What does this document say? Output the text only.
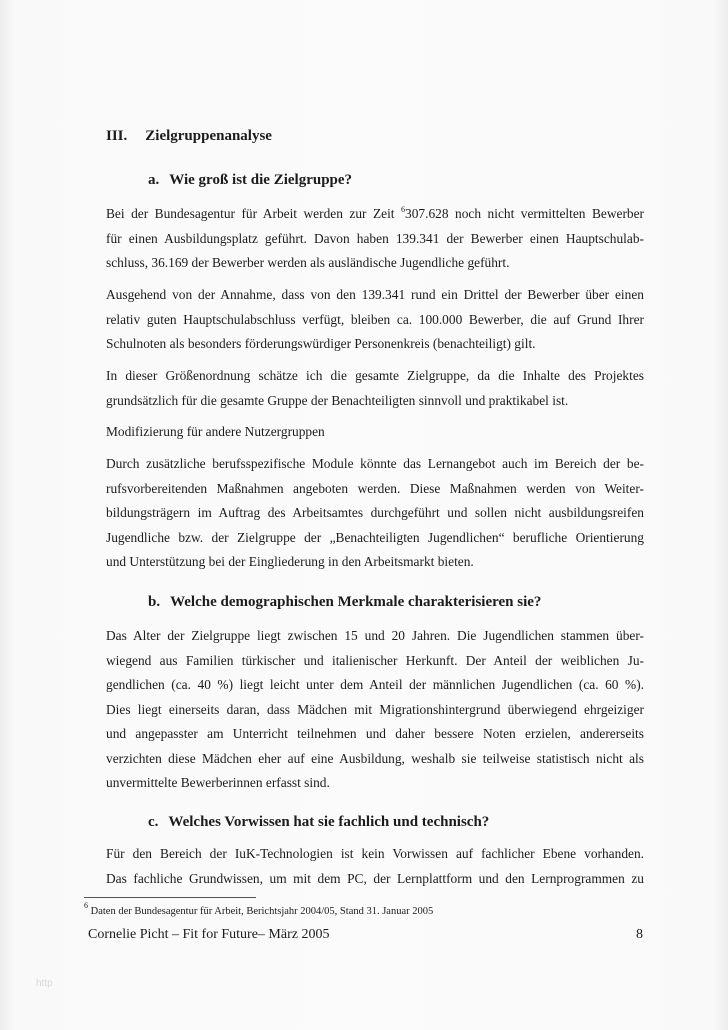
III. Zielgruppenanalyse
a. Wie groß ist die Zielgruppe?
Bei der Bundesagentur für Arbeit werden zur Zeit $^6$307.628 noch nicht vermittelten Bewerber
für einen Ausbildungsplatz geführt. Davon haben 139.341 der Bewerber einen Hauptschulab-
schluss, 36.169 der Bewerber werden als ausländische Jugendliche geführt.
Ausgehend von der Annahme, dass von den 139.341 rund ein Drittel der Bewerber über einen
relativ guten Hauptschulabschluss verfügt, bleiben ca. 100.000 Bewerber, die auf Grund Ihrer
Schulnoten als besonders förderungswürdiger Personenkreis (benachteiligt) gilt.
In dieser Größenordnung schätze ich die gesamte Zielgruppe, da die Inhalte des Projektes
grundsätzlich für die gesamte Gruppe der Benachteiligten sinnvoll und praktikabel ist.
Modifizierung für andere Nutzergruppen
Durch zusätzliche berufsspezifische Module könnte das Lernangebot auch im Bereich der be-
rufsvorbereitenden Maßnahmen angeboten werden. Diese Maßnahmen werden von Weiter-
bildungsträgern im Auftrag des Arbeitsamtes durchgeführt und sollen nicht ausbildungsreifen
Jugendliche bzw. der Zielgruppe der „Benachteiligten Jugendlichen“ berufliche Orientierung
und Unterstützung bei der Eingliederung in den Arbeitsmarkt bieten.
b. Welche demographischen Merkmale charakterisieren sie?
Das Alter der Zielgruppe liegt zwischen 15 und 20 Jahren. Die Jugendlichen stammen über-
wiegend aus Familien türkischer und italienischer Herkunft. Der Anteil der weiblichen Ju-
gendlichen (ca. 40 %) liegt leicht unter dem Anteil der männlichen Jugendlichen (ca. 60 %).
Dies liegt einerseits daran, dass Mädchen mit Migrationshintergrund überwiegend ehrgeiziger
und angepasster am Unterricht teilnehmen und daher bessere Noten erzielen, andererseits
verzichten diese Mädchen eher auf eine Ausbildung, weshalb sie teilweise statistisch nicht als
unvermittelte Bewerberinnen erfasst sind.
c. Welches Vorwissen hat sie fachlich und technisch?
Für den Bereich der IuK-Technologien ist kein Vorwissen auf fachlicher Ebene vorhanden.
Das fachliche Grundwissen, um mit dem PC, der Lernplattform und den Lernprogrammen zu
$^6$ Daten der Bundesagentur für Arbeit, Berichtsjahr 2004/05, Stand 31. Januar 2005
Cornelie Picht – Fit for Future– März 2005	8
http
